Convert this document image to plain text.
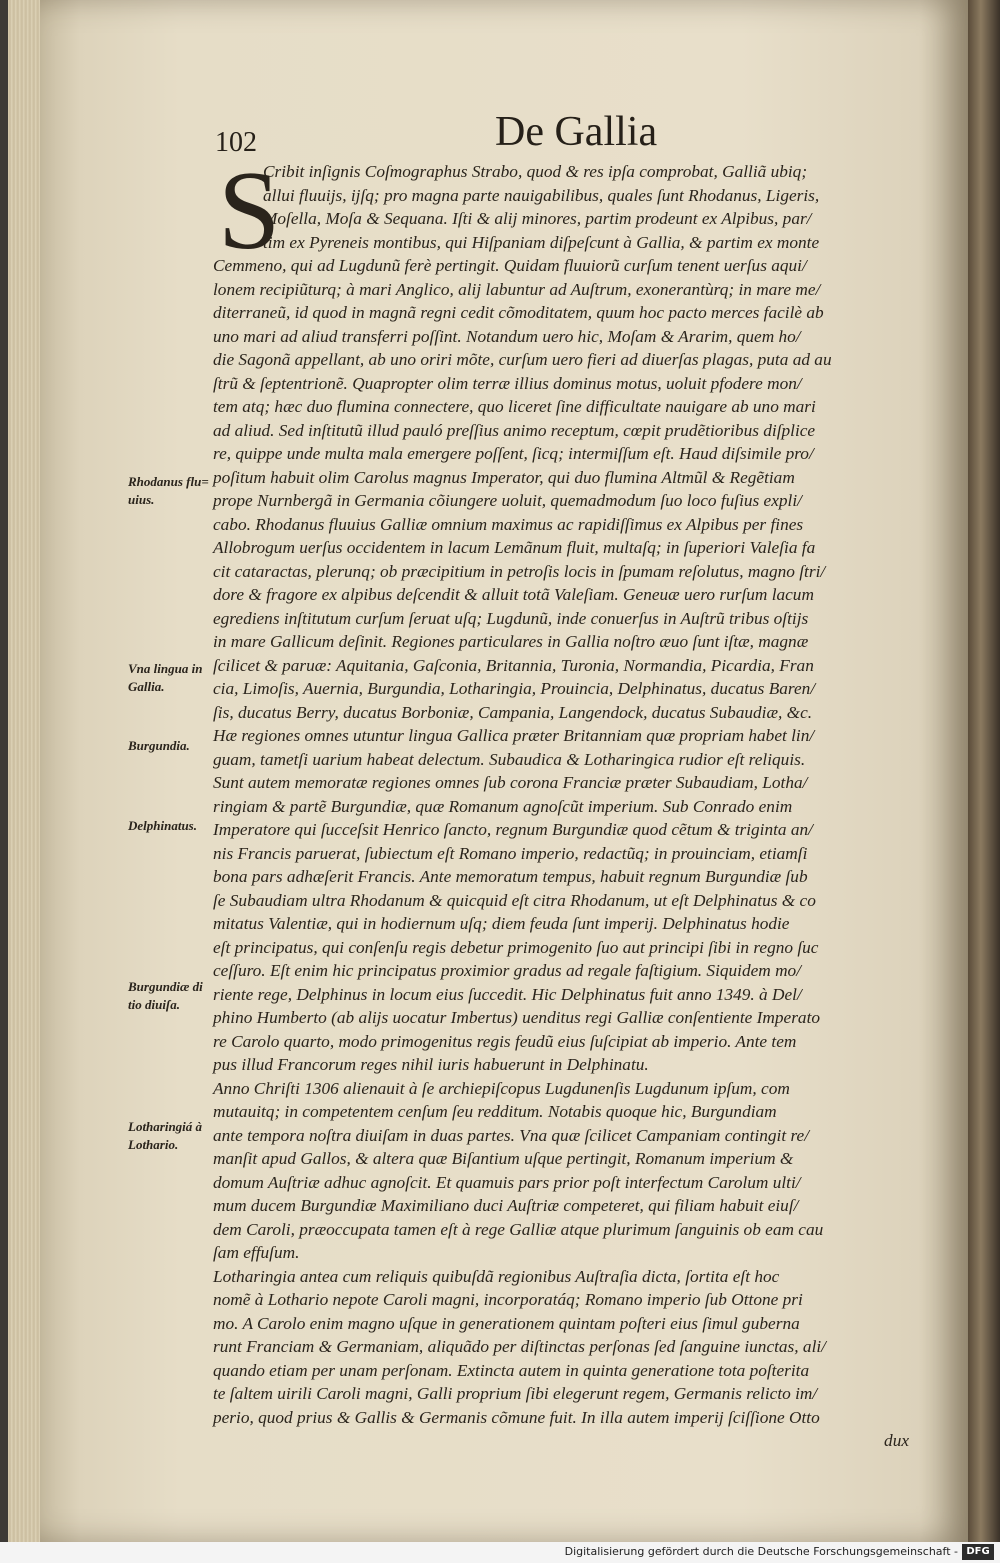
102	De Gallia
S
Cribit inſignis Coſmographus Strabo, quod & res ipſa comprobat, Galliã ubiq;
allui fluuijs, ijſq; pro magna parte nauigabilibus, quales ſunt Rhodanus, Ligeris,
Moſella, Moſa & Sequana. Iſti & alij minores, partim prodeunt ex Alpibus, par/
tim ex Pyreneis montibus, qui Hiſpaniam diſpeſcunt à Gallia, & partim ex monte
Cemmeno, qui ad Lugdunũ ferè pertingit. Quidam fluuiorũ curſum tenent uerſus aqui/
lonem recipiũturq; à mari Anglico, alij labuntur ad Auſtrum, exonerantùrq; in mare me/
diterraneũ, id quod in magnã regni cedit cõmoditatem, quum hoc pacto merces facilè ab
uno mari ad aliud transferri poſſint. Notandum uero hic, Moſam & Ararim, quem ho/
die Sagonã appellant, ab uno oriri mõte, curſum uero fieri ad diuerſas plagas, puta ad au
ſtrũ & ſeptentrionẽ. Quapropter olim terræ illius dominus motus, uoluit pfodere mon/
tem atq; hæc duo flumina connectere, quo liceret ſine difficultate nauigare ab uno mari
ad aliud. Sed inſtitutũ illud pauló preſſius animo receptum, cœpit prudẽtioribus diſplice
re, quippe unde multa mala emergere poſſent, ſicq; intermiſſum eſt. Haud diſsimile pro/
poſitum habuit olim Carolus magnus Imperator, qui duo flumina Altmũl & Regẽtiam
prope Nurnbergã in Germania cõiungere uoluit, quemadmodum ſuo loco fuſius expli/
cabo. Rhodanus fluuius Galliæ omnium maximus ac rapidiſſimus ex Alpibus per fines
Allobrogum uerſus occidentem in lacum Lemãnum fluit, multaſq; in ſuperiori Valeſia fa
cit cataractas, plerunq; ob præcipitium in petroſis locis in ſpumam reſolutus, magno ſtri/
dore & fragore ex alpibus deſcendit & alluit totã Valeſiam. Geneuæ uero rurſum lacum
egrediens inſtitutum curſum ſeruat uſq; Lugdunũ, inde conuerſus in Auſtrũ tribus oſtijs
in mare Gallicum deſinit. Regiones particulares in Gallia noſtro æuo ſunt iſtæ, magnæ
ſcilicet & paruæ: Aquitania, Gaſconia, Britannia, Turonia, Normandia, Picardia, Fran
cia, Limoſis, Auernia, Burgundia, Lotharingia, Prouincia, Delphinatus, ducatus Baren/
ſis, ducatus Berry, ducatus Borboniæ, Campania, Langendock, ducatus Subaudiæ, &c.
Hæ regiones omnes utuntur lingua Gallica præter Britanniam quæ propriam habet lin/
guam, tametſi uarium habeat delectum. Subaudica & Lotharingica rudior eſt reliquis.
Sunt autem memoratæ regiones omnes ſub corona Franciæ præter Subaudiam, Lotha/
ringiam & partẽ Burgundiæ, quæ Romanum agnoſcũt imperium. Sub Conrado enim
Imperatore qui ſucceſsit Henrico ſancto, regnum Burgundiæ quod cẽtum & triginta an/
nis Francis paruerat, ſubiectum eſt Romano imperio, redactũq; in prouinciam, etiamſi
bona pars adhæſerit Francis. Ante memoratum tempus, habuit regnum Burgundiæ ſub
ſe Subaudiam ultra Rhodanum & quicquid eſt citra Rhodanum, ut eſt Delphinatus & co
mitatus Valentiæ, qui in hodiernum uſq; diem feuda ſunt imperij. Delphinatus hodie
eſt principatus, qui conſenſu regis debetur primogenito ſuo aut principi ſibi in regno ſuc
ceſſuro. Eſt enim hic principatus proximior gradus ad regale faſtigium. Siquidem mo/
riente rege, Delphinus in locum eius ſuccedit. Hic Delphinatus fuit anno 1349. à Del/
phino Humberto (ab alijs uocatur Imbertus) uenditus regi Galliæ conſentiente Imperato
re Carolo quarto, modo primogenitus regis feudũ eius ſuſcipiat ab imperio. Ante tem
pus illud Francorum reges nihil iuris habuerunt in Delphinatu.
Anno Chriſti 1306 alienauit à ſe archiepiſcopus Lugdunenſis Lugdunum ipſum, com
mutauitq; in competentem cenſum ſeu redditum. Notabis quoque hic, Burgundiam
ante tempora noſtra diuiſam in duas partes. Vna quæ ſcilicet Campaniam contingit re/
manſit apud Gallos, & altera quæ Biſantium uſque pertingit, Romanum imperium &
domum Auſtriæ adhuc agnoſcit. Et quamuis pars prior poſt interfectum Carolum ulti/
mum ducem Burgundiæ Maximiliano duci Auſtriæ competeret, qui filiam habuit eiuſ/
dem Caroli, præoccupata tamen eſt à rege Galliæ atque plurimum ſanguinis ob eam cau
ſam effuſum.
Lotharingia antea cum reliquis quibuſdã regionibus Auſtraſia dicta, ſortita eſt hoc
nomẽ à Lothario nepote Caroli magni, incorporatáq; Romano imperio ſub Ottone pri
mo. A Carolo enim magno uſque in generationem quintam poſteri eius ſimul guberna
runt Franciam & Germaniam, aliquãdo per diſtinctas perſonas ſed ſanguine iunctas, ali/
quando etiam per unam perſonam. Extincta autem in quinta generatione tota poſterita
te ſaltem uirili Caroli magni, Galli proprium ſibi elegerunt regem, Germanis relicto im/
perio, quod prius & Gallis & Germanis cõmune fuit. In illa autem imperij ſciſſione Otto
dux
Rhodanus flu=
uius.
Vna lingua in
Gallia.
Burgundia.
Delphinatus.
Burgundiæ di
tio diuiſa.
Lotharingiá à
Lothario.
Digitalisierung gefördert durch die Deutsche Forschungsgemeinschaft - DFG
